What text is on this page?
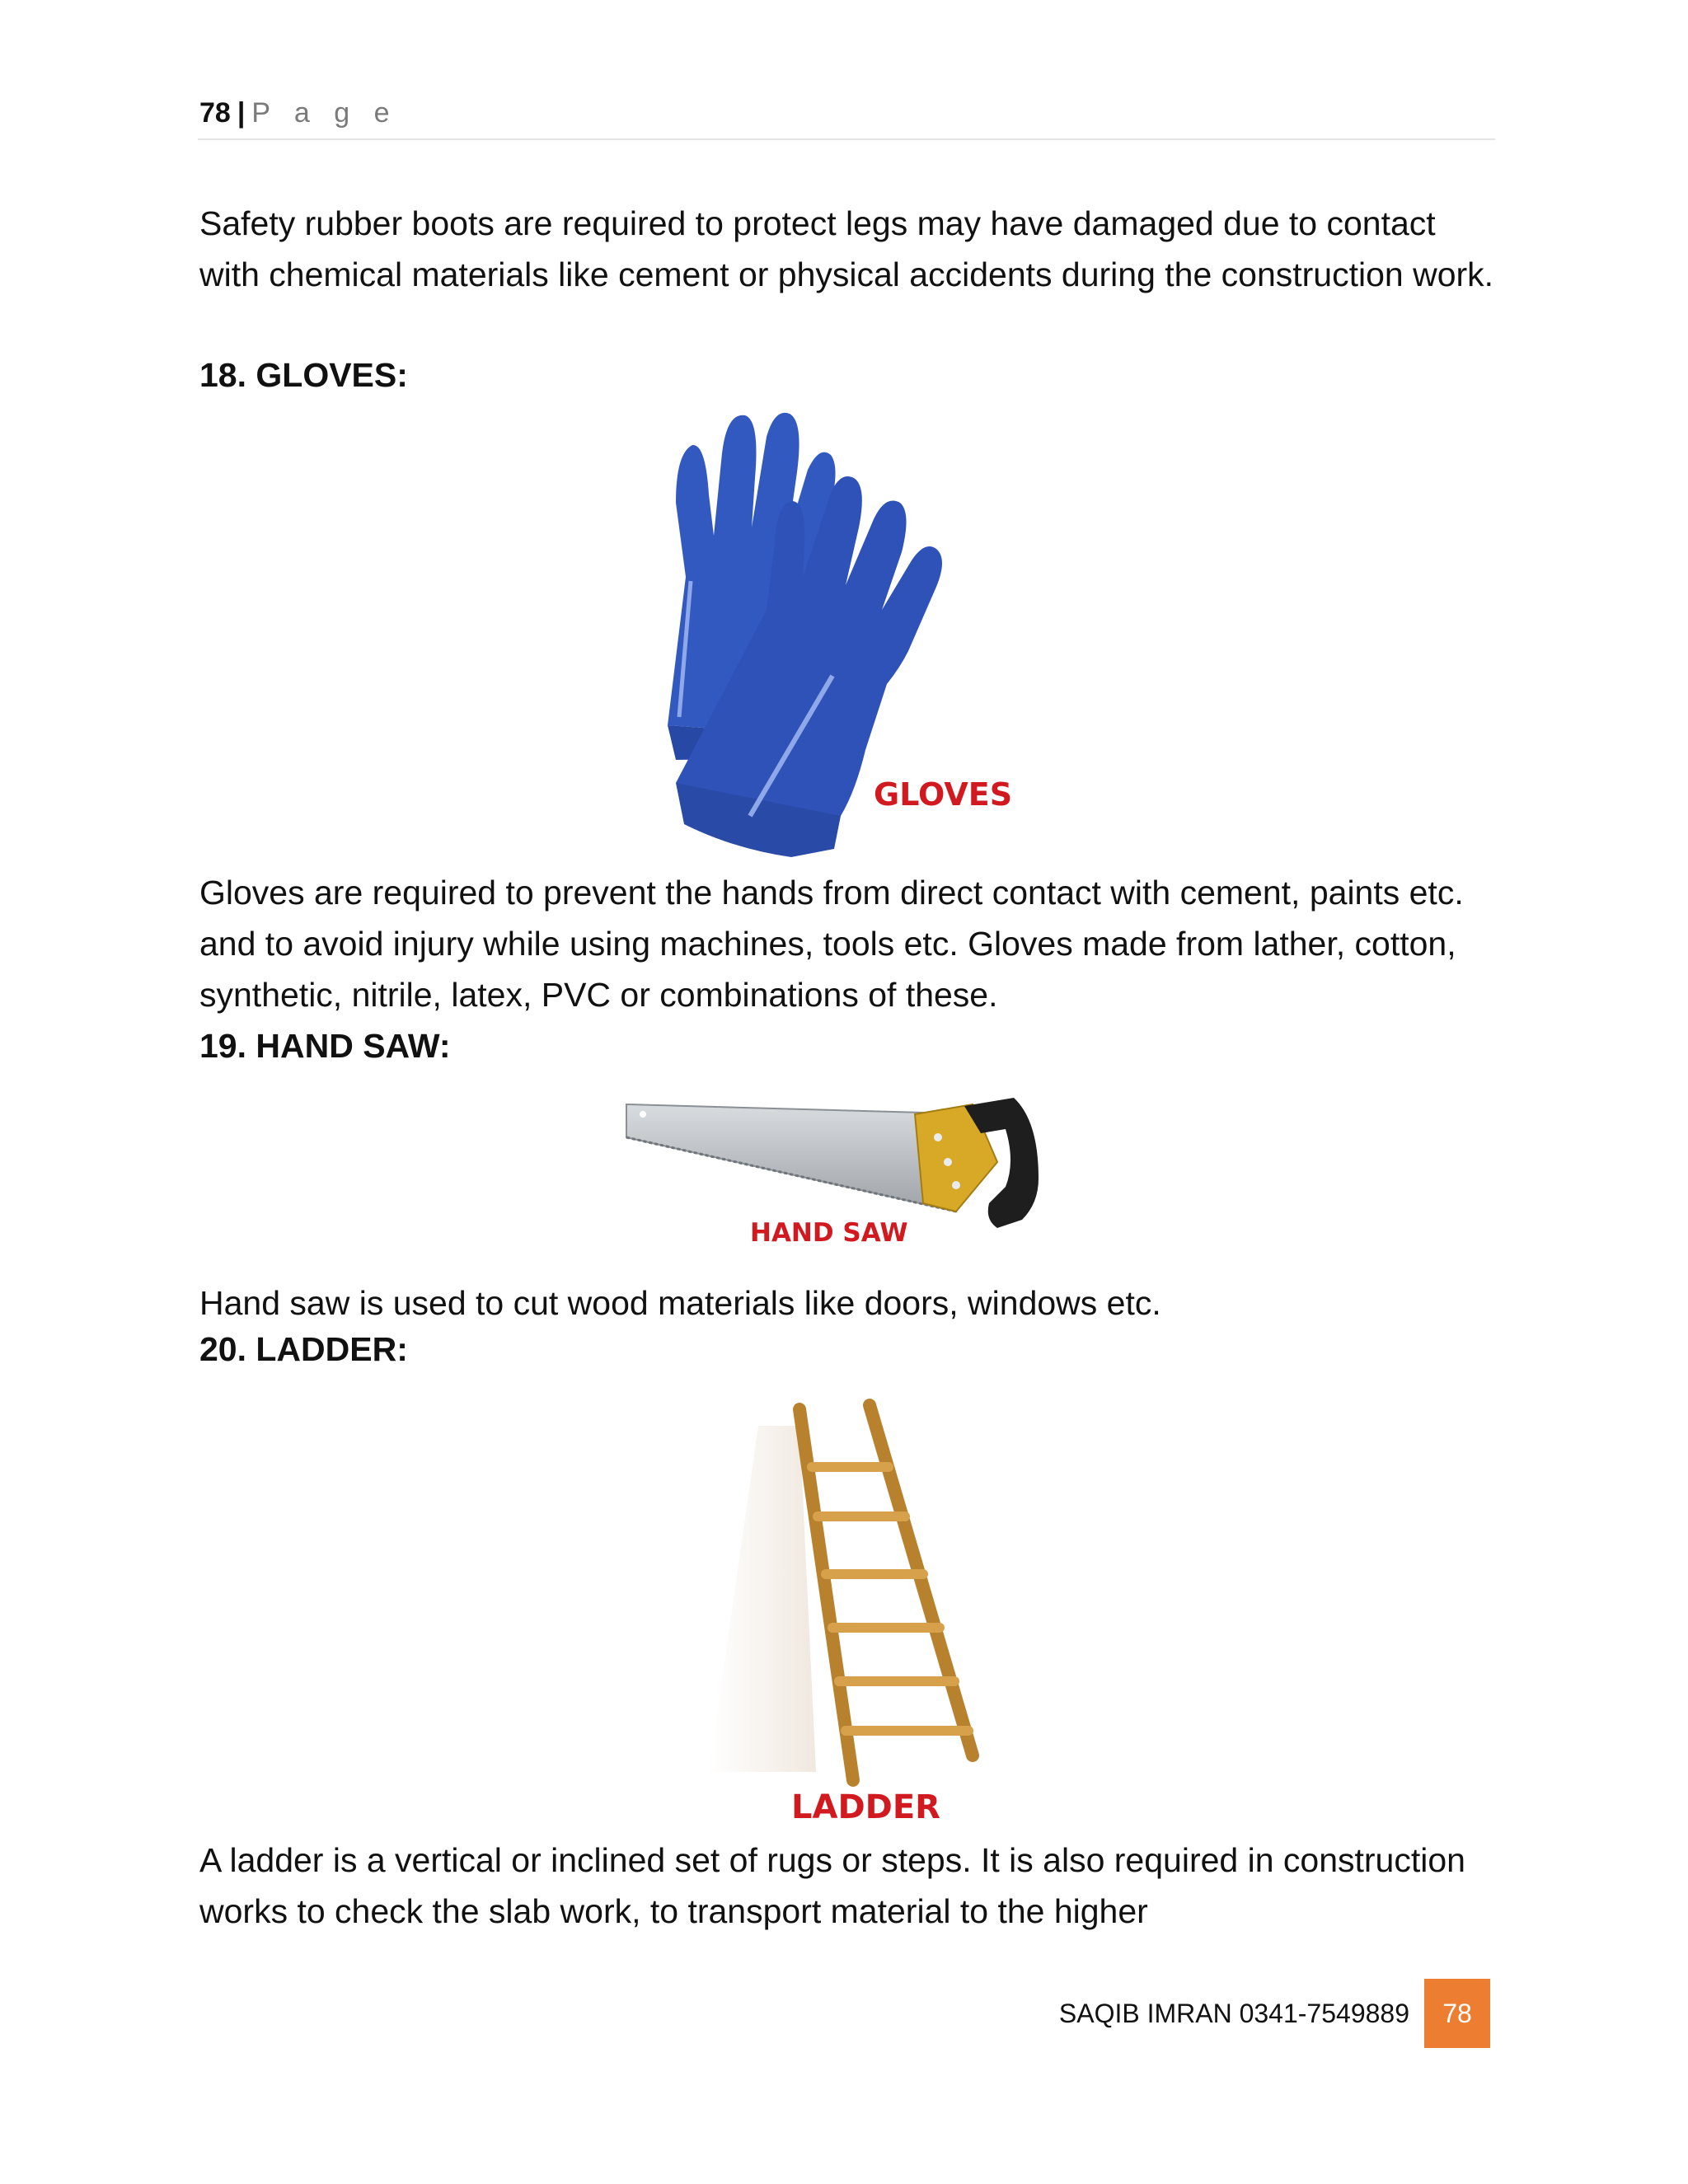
78 | P a g e

Safety rubber boots are required to protect legs may have damaged due to contact with chemical materials like cement or physical accidents during the construction work.

18. GLOVES:

GLOVES

Gloves are required to prevent the hands from direct contact with cement, paints etc. and to avoid injury while using machines, tools etc. Gloves made from lather, cotton, synthetic, nitrile, latex, PVC or combinations of these.

19. HAND SAW:

HAND SAW

Hand saw is used to cut wood materials like doors, windows etc.

20. LADDER:

LADDER

A ladder is a vertical or inclined set of rugs or steps. It is also required in construction works to check the slab work, to transport material to the higher

SAQIB IMRAN 0341-7549889	78
